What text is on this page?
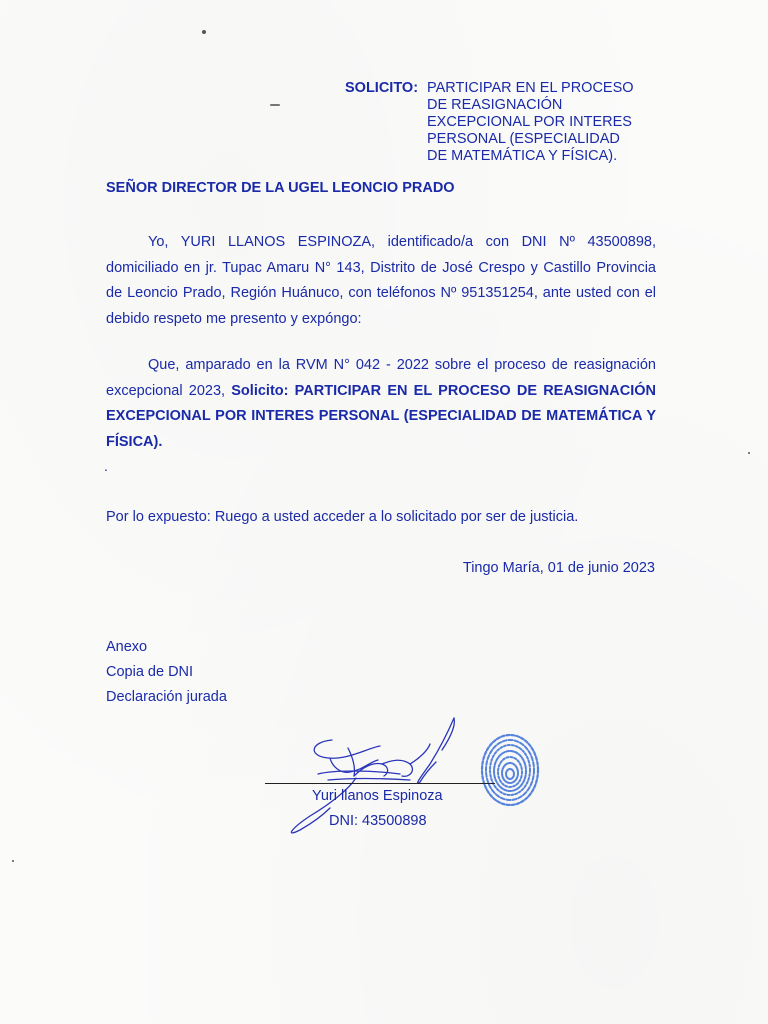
SOLICITO: PARTICIPAR EN EL PROCESO
DE REASIGNACIÓN
EXCEPCIONAL POR INTERES
PERSONAL (ESPECIALIDAD
DE MATEMÁTICA Y FÍSICA).
SEÑOR DIRECTOR DE LA UGEL LEONCIO PRADO
Yo, YURI LLANOS ESPINOZA, identificado/a con DNI Nº 43500898, domiciliado en jr. Tupac Amaru N° 143, Distrito de José Crespo y Castillo Provincia de Leoncio Prado, Región Huánuco, con teléfonos Nº 951351254, ante usted con el debido respeto me presento y expóngo:
Que, amparado en la RVM N° 042 - 2022 sobre el proceso de reasignación excepcional 2023, Solicito: PARTICIPAR EN EL PROCESO DE REASIGNACIÓN EXCEPCIONAL POR INTERES PERSONAL (ESPECIALIDAD DE MATEMÁTICA Y FÍSICA).
.
Por lo expuesto: Ruego a usted acceder a lo solicitado por ser de justicia.
Tingo María, 01 de junio 2023
Anexo
Copia de DNI
Declaración jurada
Yuri llanos Espinoza
DNI: 43500898
